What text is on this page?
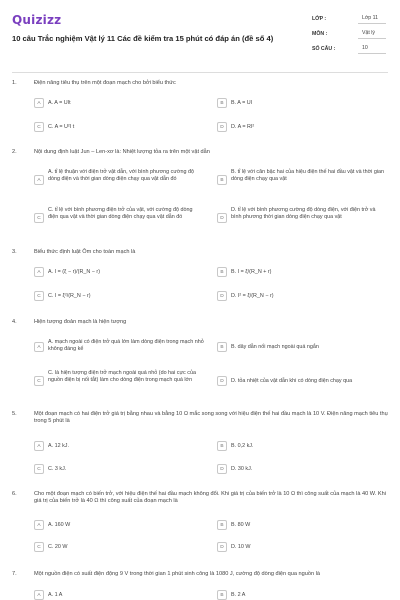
Quizizz
10 câu Trắc nghiệm Vật lý 11 Các đề kiểm tra 15 phút có đáp án (đề số 4)
LỚP :	Lớp 11
MÔN :	Vật lý
SỐ CÂU :	10
1.	Điện năng tiêu thụ trên một đoạn mạch cho bởi biểu thức
A	A. A = UIt	B	B. A = UI
C	C. A = U²I t	D	D. A = RI²
2.	Nội dung định luật Jun – Len-xơ là: Nhiệt lượng tỏa ra trên một vật dẫn
A
A. tỉ lệ thuận với điện trở vật dẫn, với bình phương cường độ dòng điện và thời gian dòng điện chạy qua vật dẫn đó	B
B. tỉ lệ với căn bậc hai của hiệu điện thế hai đầu vật và thời gian dòng điện chạy qua vật
C
C. tỉ lệ với bình phương điện trở của vật, với cường độ dòng điện qua vật và thời gian dòng điện chạy qua vật dẫn đó	D
D. tỉ lệ với bình phương cường độ dòng điện, với điện trở và bình phương thời gian dòng điện chạy qua vật
3.	Biểu thức định luật Ôm cho toàn mạch là
A	A. I = (ξ − r)/(R_N − r)	B	B. I = ξ/(R_N + r)
C	C. I = ξ²/(R_N − r)	D	D. I² = ξ/(R_N − r)
4.	Hiện tượng đoản mạch là hiện tượng
A
A. mạch ngoài có điện trở quá lớn làm dòng điện trong mạch nhỏ không đáng kể	B	B. dây dẫn nối mạch ngoài quá ngắn
C
C. là hiện tượng điện trở mạch ngoài quá nhỏ (do hai cực của nguồn điện bị nối tắt) làm cho dòng điện trong mạch quá lớn	D	D. tỏa nhiệt của vật dẫn khi có dòng điện chạy qua
5.	Một đoạn mạch có hai điện trở giá trị bằng nhau và bằng 10 Ω mắc song song với hiệu điện thế hai đầu mạch là 10 V. Điện năng mạch tiêu thụ trong 5 phút là
A	A. 12 kJ.	B	B. 0,2 kJ.
C	C. 3 kJ.	D	D. 30 kJ.
6.	Cho một đoạn mạch có biến trở, với hiệu điện thế hai đầu mạch không đổi. Khi giá trị của biến trở là 10 Ω thì công suất của mạch là 40 W. Khi giá trị của biến trở là 40 Ω thì công suất của đoạn mạch là
A	A. 160 W	B	B. 80 W
C	C. 20 W	D	D. 10 W
7.	Một nguồn điện có suất điện động 9 V trong thời gian 1 phút sinh công là 1080 J, cường độ dòng điện qua nguồn là
A	A. 1 A	B	B. 2 A
